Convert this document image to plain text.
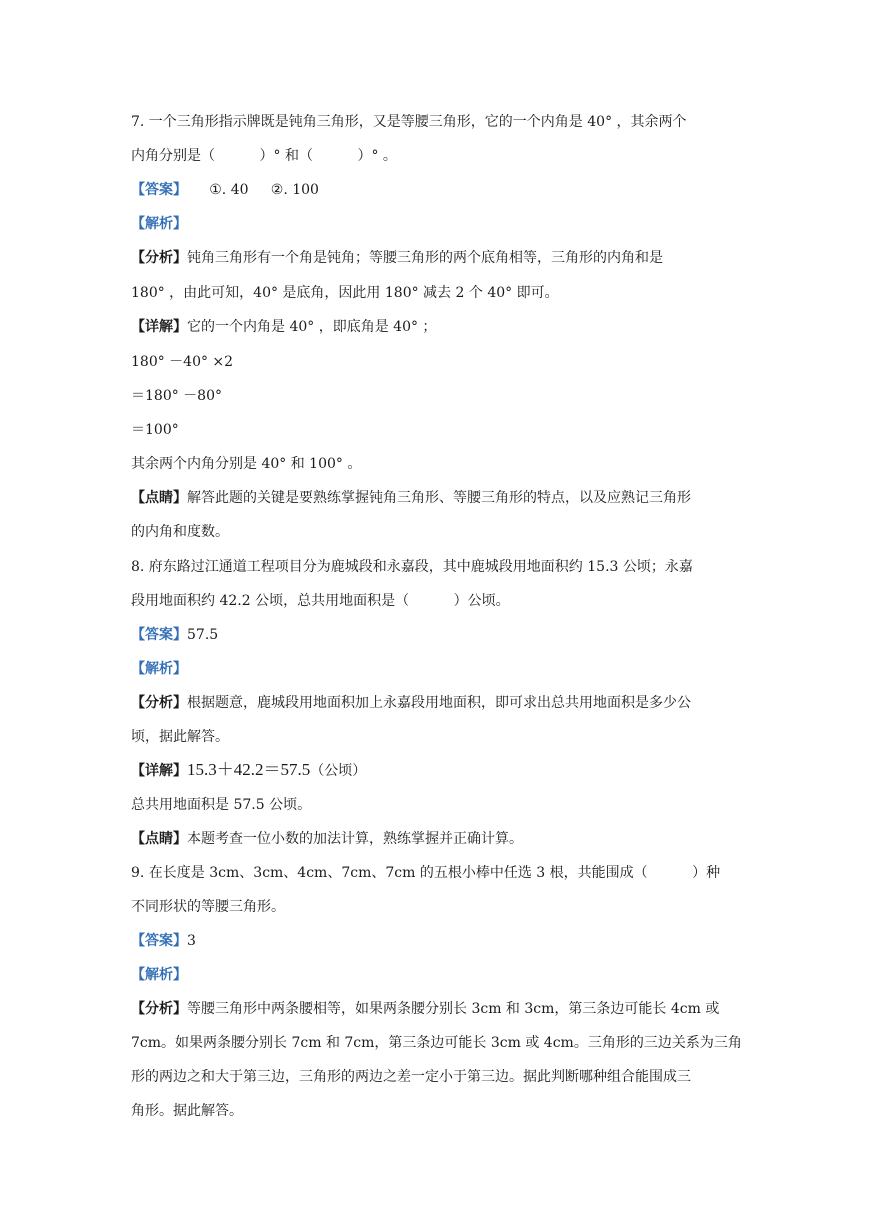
7. 一个三角形指示牌既是钝角三角形，又是等腰三角形，它的一个内角是 40° ，其余两个
内角分别是（          ）° 和（          ）° 。
【答案】     ①. 40     ②. 100
【解析】
【分析】钝角三角形有一个角是钝角；等腰三角形的两个底角相等，三角形的内角和是
180° ，由此可知，40° 是底角，因此用 180° 减去 2 个 40° 即可。
【详解】它的一个内角是 40° ，即底角是 40° ；
180° －40° ×2
＝180° －80°
＝100°
其余两个内角分别是 40° 和 100° 。
【点睛】解答此题的关键是要熟练掌握钝角三角形、等腰三角形的特点，以及应熟记三角形
的内角和度数。
8. 府东路过江通道工程项目分为鹿城段和永嘉段，其中鹿城段用地面积约 15.3 公顷；永嘉
段用地面积约 42.2 公顷，总共用地面积是（          ）公顷。
【答案】57.5
【解析】
【分析】根据题意，鹿城段用地面积加上永嘉段用地面积，即可求出总共用地面积是多少公
顷，据此解答。
【详解】15.3＋42.2＝57.5（公顷）
总共用地面积是 57.5 公顷。
【点睛】本题考查一位小数的加法计算，熟练掌握并正确计算。
9. 在长度是 3cm、3cm、4cm、7cm、7cm 的五根小棒中任选 3 根，共能围成（          ）种
不同形状的等腰三角形。
【答案】3
【解析】
【分析】等腰三角形中两条腰相等，如果两条腰分别长 3cm 和 3cm，第三条边可能长 4cm 或
7cm。如果两条腰分别长 7cm 和 7cm，第三条边可能长 3cm 或 4cm。三角形的三边关系为三角
形的两边之和大于第三边，三角形的两边之差一定小于第三边。据此判断哪种组合能围成三
角形。据此解答。
